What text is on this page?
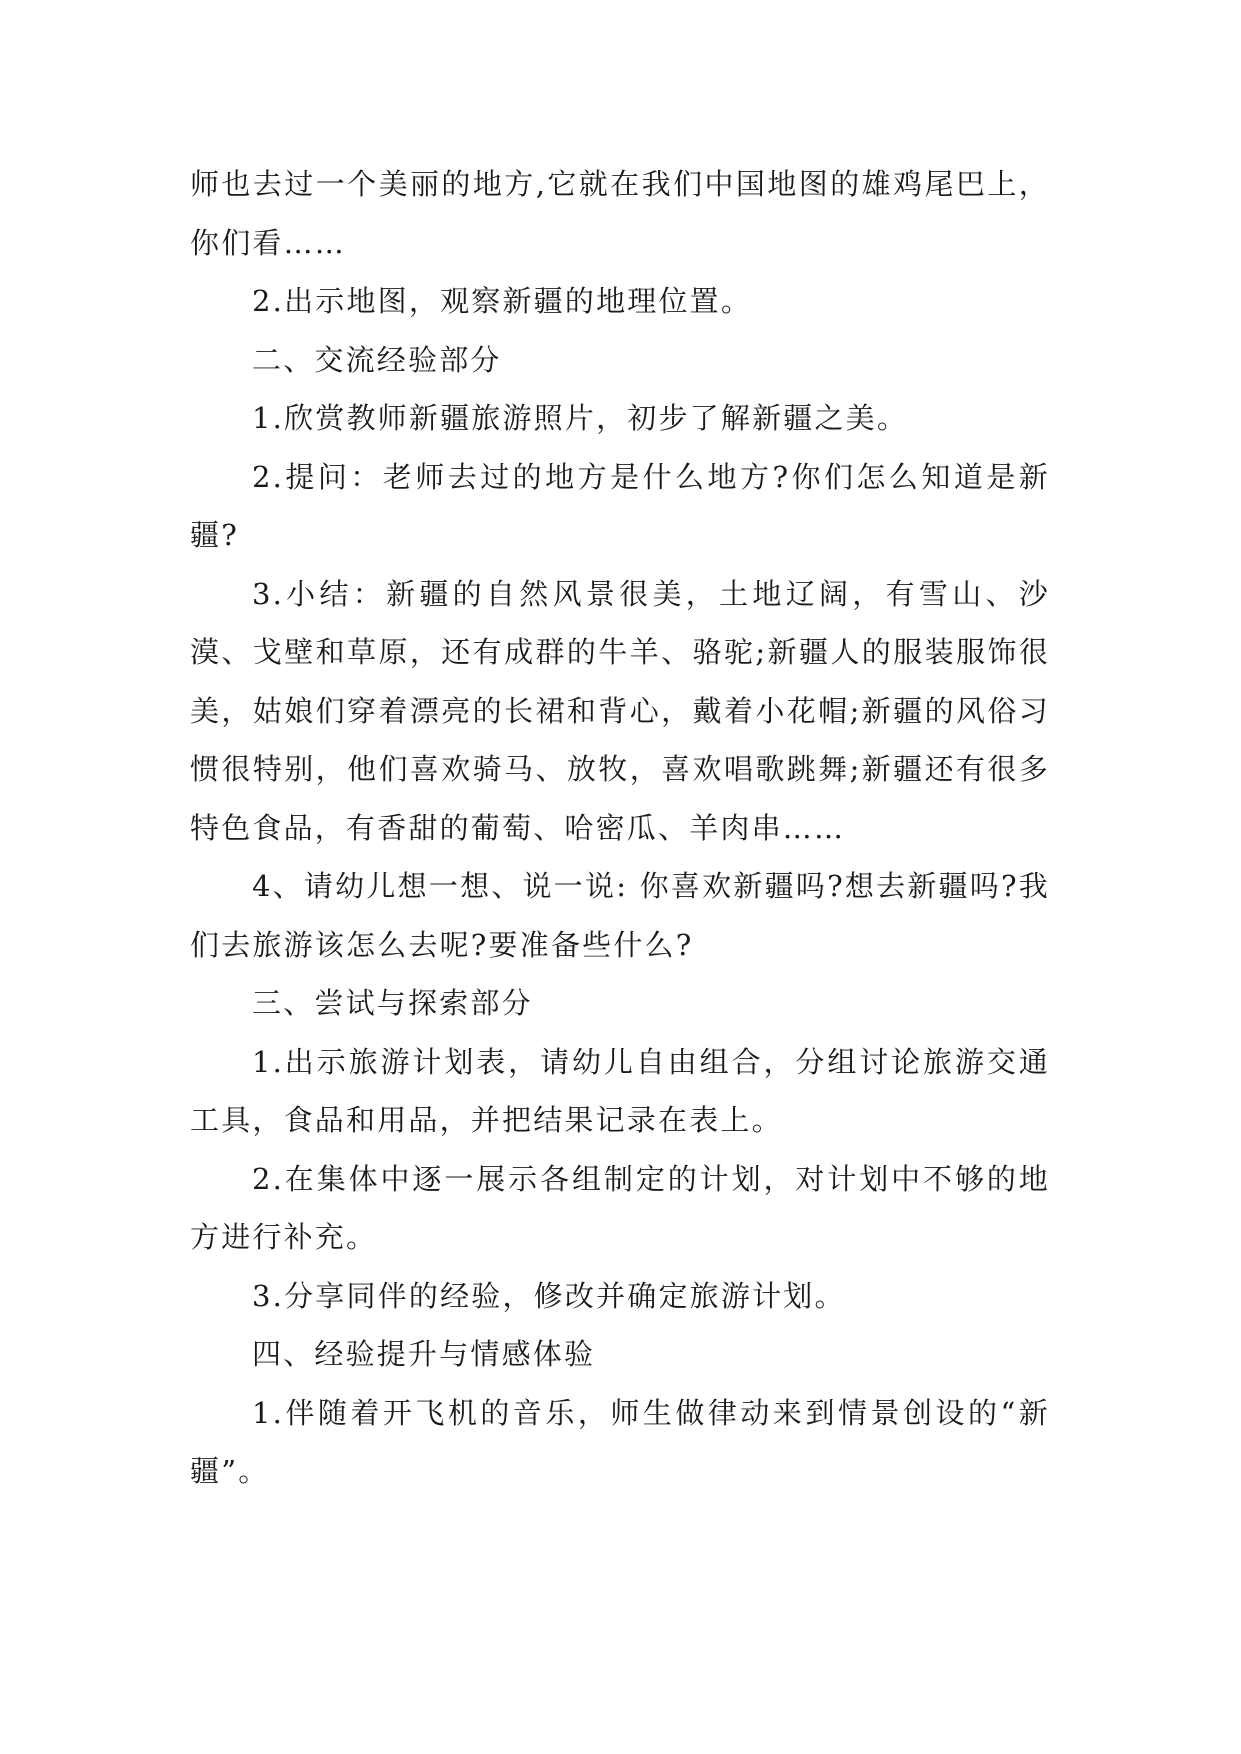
师也去过一个美丽的地方,它就在我们中国地图的雄鸡尾巴上，你们看……

2.出示地图，观察新疆的地理位置。

二、交流经验部分

1.欣赏教师新疆旅游照片，初步了解新疆之美。

2.提问：老师去过的地方是什么地方?你们怎么知道是新疆?

3.小结：新疆的自然风景很美，土地辽阔，有雪山、沙漠、戈壁和草原，还有成群的牛羊、骆驼;新疆人的服装服饰很美，姑娘们穿着漂亮的长裙和背心，戴着小花帽;新疆的风俗习惯很特别，他们喜欢骑马、放牧，喜欢唱歌跳舞;新疆还有很多特色食品，有香甜的葡萄、哈密瓜、羊肉串……

4、请幼儿想一想、说一说: 你喜欢新疆吗?想去新疆吗?我们去旅游该怎么去呢?要准备些什么?

三、尝试与探索部分

1.出示旅游计划表，请幼儿自由组合，分组讨论旅游交通工具，食品和用品，并把结果记录在表上。

2.在集体中逐一展示各组制定的计划，对计划中不够的地方进行补充。

3.分享同伴的经验，修改并确定旅游计划。

四、经验提升与情感体验

1.伴随着开飞机的音乐，师生做律动来到情景创设的“新疆”。
